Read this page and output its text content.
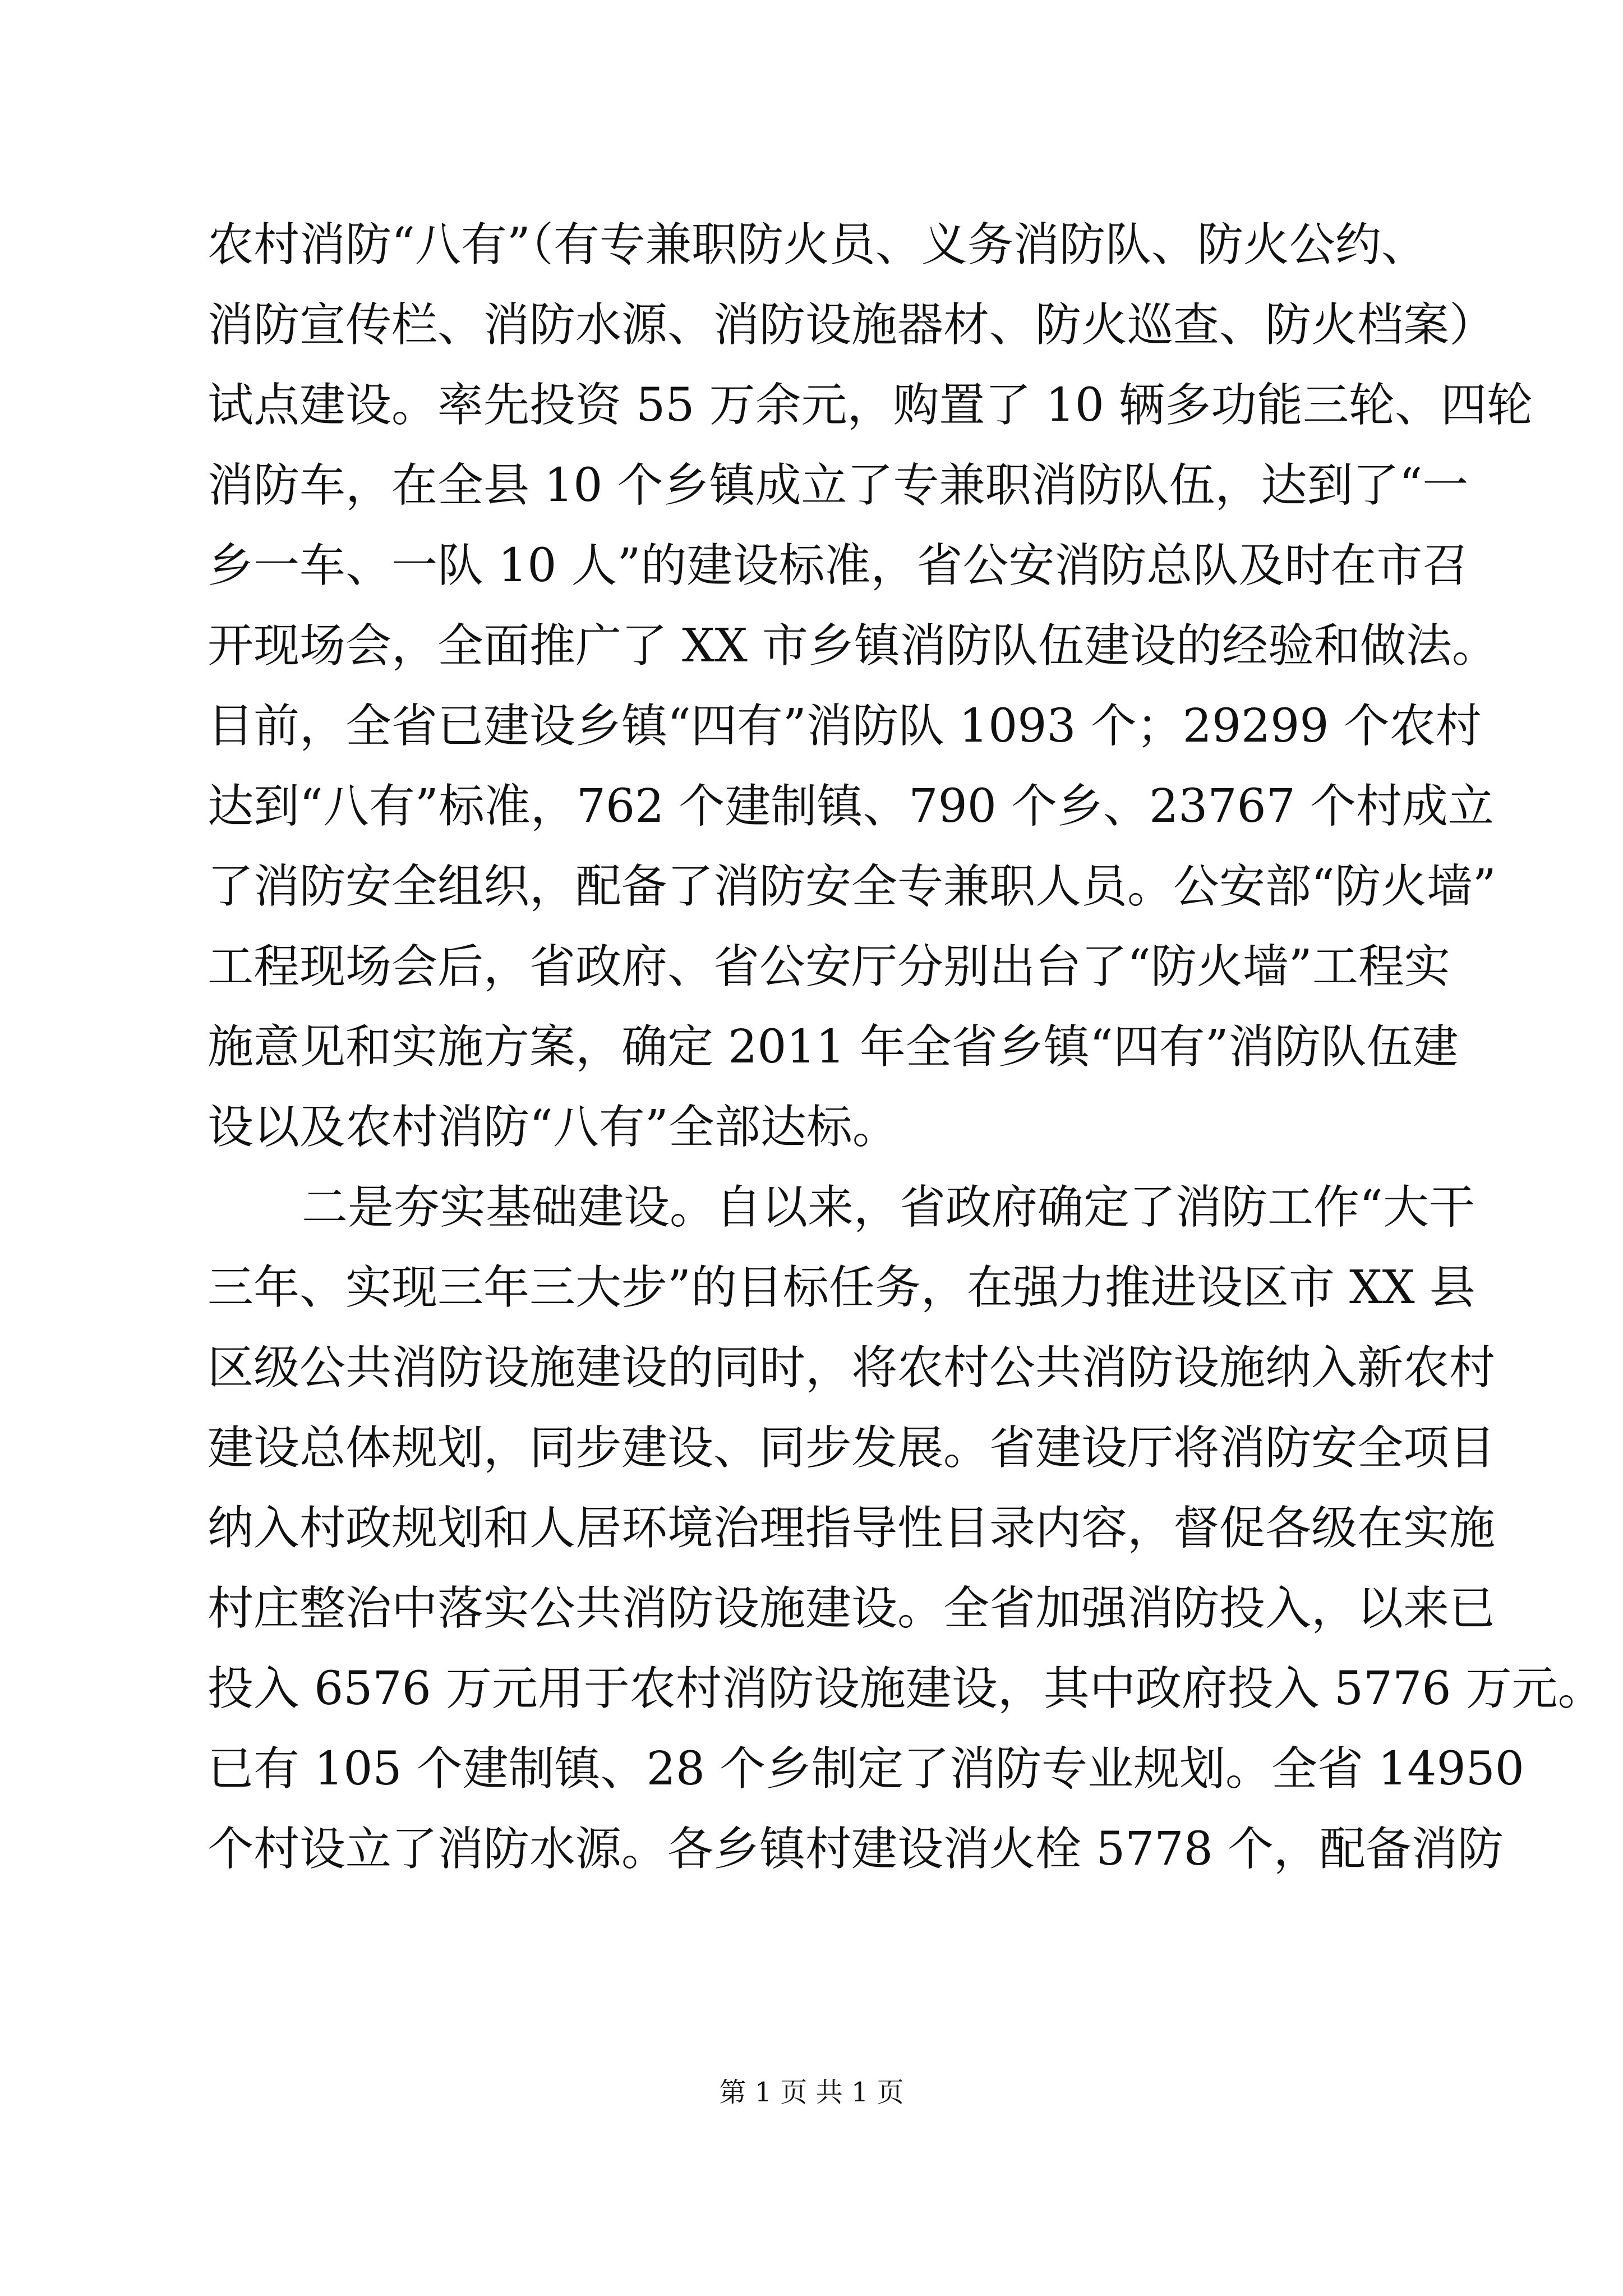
农村消防“八有”（有专兼职防火员、义务消防队、防火公约、
消防宣传栏、消防水源、消防设施器材、防火巡查、防火档案）
试点建设。率先投资 55 万余元，购置了 10 辆多功能三轮、四轮
消防车，在全县 10 个乡镇成立了专兼职消防队伍，达到了“一
乡一车、一队 10 人”的建设标准，省公安消防总队及时在市召
开现场会，全面推广了 XX 市乡镇消防队伍建设的经验和做法。
目前，全省已建设乡镇“四有”消防队 1093 个；29299 个农村
达到“八有”标准，762 个建制镇、790 个乡、23767 个村成立
了消防安全组织，配备了消防安全专兼职人员。公安部“防火墙”
工程现场会后，省政府、省公安厅分别出台了“防火墙”工程实
施意见和实施方案，确定 2011 年全省乡镇“四有”消防队伍建
设以及农村消防“八有”全部达标。
二是夯实基础建设。自以来，省政府确定了消防工作“大干
三年、实现三年三大步”的目标任务，在强力推进设区市 XX 县
区级公共消防设施建设的同时，将农村公共消防设施纳入新农村
建设总体规划，同步建设、同步发展。省建设厅将消防安全项目
纳入村政规划和人居环境治理指导性目录内容，督促各级在实施
村庄整治中落实公共消防设施建设。全省加强消防投入，以来已
投入 6576 万元用于农村消防设施建设，其中政府投入 5776 万元。
已有 105 个建制镇、28 个乡制定了消防专业规划。全省 14950
个村设立了消防水源。各乡镇村建设消火栓 5778 个，配备消防
第 1 页 共 1 页
